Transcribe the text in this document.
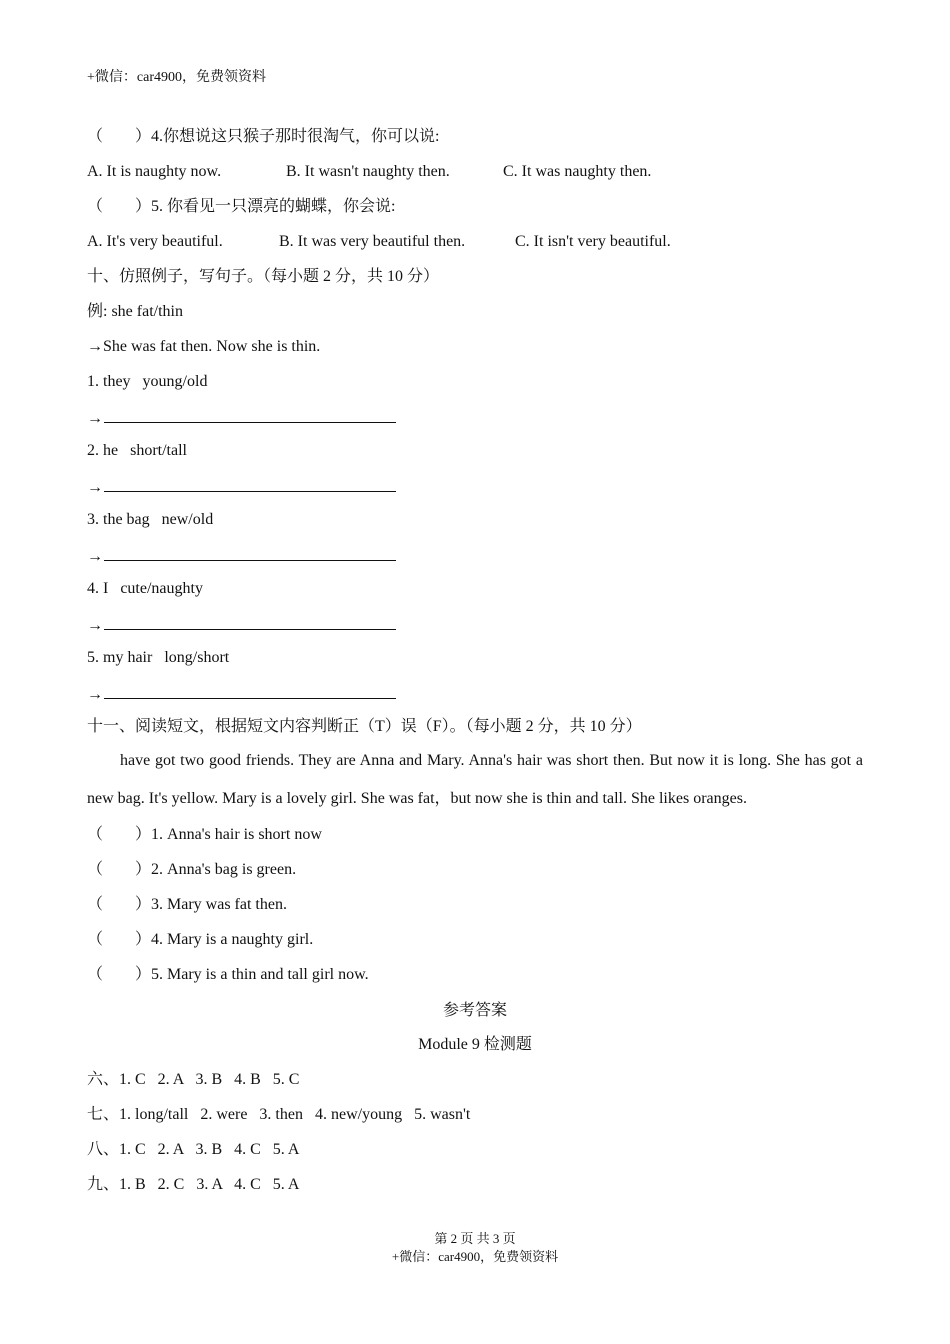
+微信：car4900，免费领资料
（        ）4.你想说这只猴子那时很淘气，你可以说:
A. It is naughty now.	B. It wasn't naughty then.	C. It was naughty then.
（        ）5. 你看见一只漂亮的蝴蝶，你会说:
A. It's very beautiful.	B. It was very beautiful then.	C. It isn't very beautiful.
十、仿照例子，写句子。（每小题 2 分，共 10 分）
例: she fat/thin
→She was fat then. Now she is thin.
1. they   young/old
→
2. he   short/tall
→
3. the bag   new/old
→
4. I   cute/naughty
→
5. my hair   long/short
→
十一、阅读短文，根据短文内容判断正（T）误（F）。（每小题 2 分，共 10 分）
have got two good friends. They are Anna and Mary. Anna's hair was short then. But now it is long. She has got a new bag. It's yellow. Mary is a lovely girl. She was fat，but now she is thin and tall. She likes oranges.
（        ）1. Anna's hair is short now
（        ）2. Anna's bag is green.
（        ）3. Mary was fat then.
（        ）4. Mary is a naughty girl.
（        ）5. Mary is a thin and tall girl now.
参考答案
Module 9 检测题
六、1. C   2. A   3. B   4. B   5. C
七、1. long/tall   2. were   3. then   4. new/young   5. wasn't
八、1. C   2. A   3. B   4. C   5. A
九、1. B   2. C   3. A   4. C   5. A
第 2 页 共 3 页
+微信：car4900，免费领资料
